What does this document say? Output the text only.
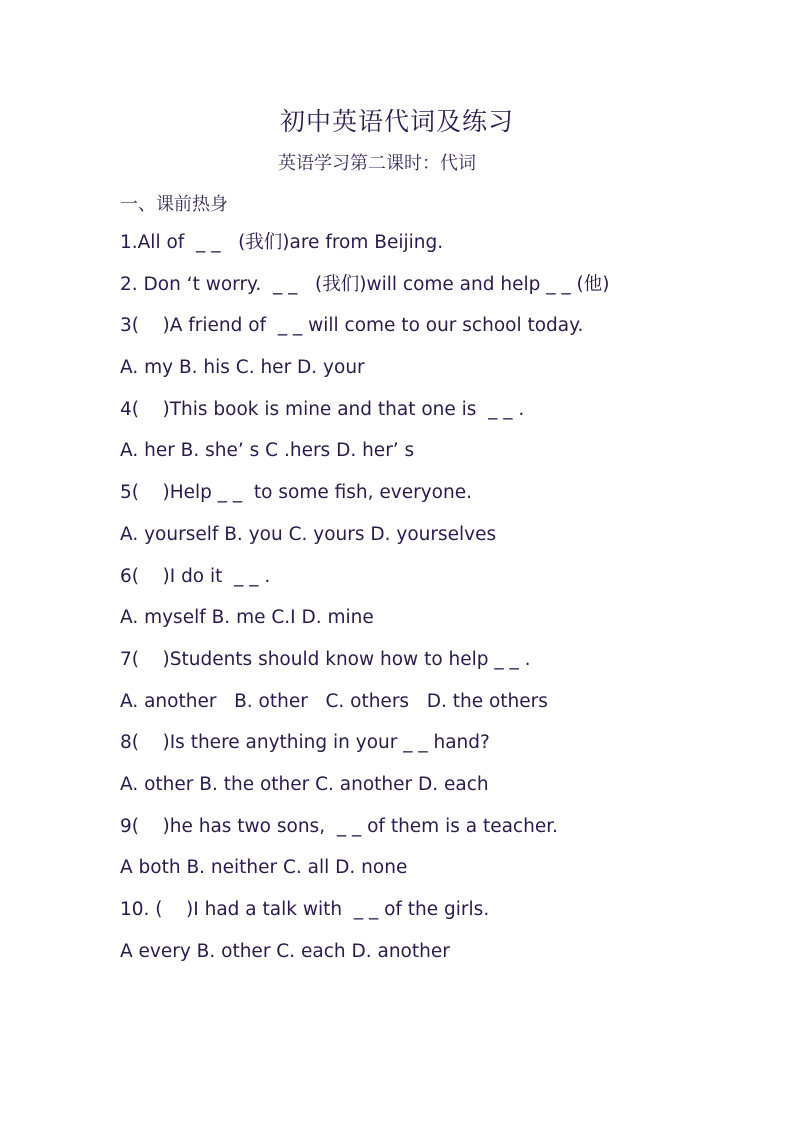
初中英语代词及练习
英语学习第二课时：代词
一、课前热身
1.All of  _ _   (我们)are from Beijing.
2. Don ‘t worry.  _ _   (我们)will come and help _ _ (他)
3(    )A friend of  _ _ will come to our school today.
A. my B. his C. her D. your
4(    )This book is mine and that one is  _ _ .
A. her B. she’ s C .hers D. her’ s
5(    )Help _ _  to some fish, everyone.
A. yourself B. you C. yours D. yourselves
6(    )I do it  _ _ .
A. myself B. me C.I D. mine
7(    )Students should know how to help _ _ .
A. another   B. other   C. others   D. the others
8(    )Is there anything in your _ _ hand?
A. other B. the other C. another D. each
9(    )he has two sons,  _ _ of them is a teacher.
A both B. neither C. all D. none
10. (    )I had a talk with  _ _ of the girls.
A every B. other C. each D. another
